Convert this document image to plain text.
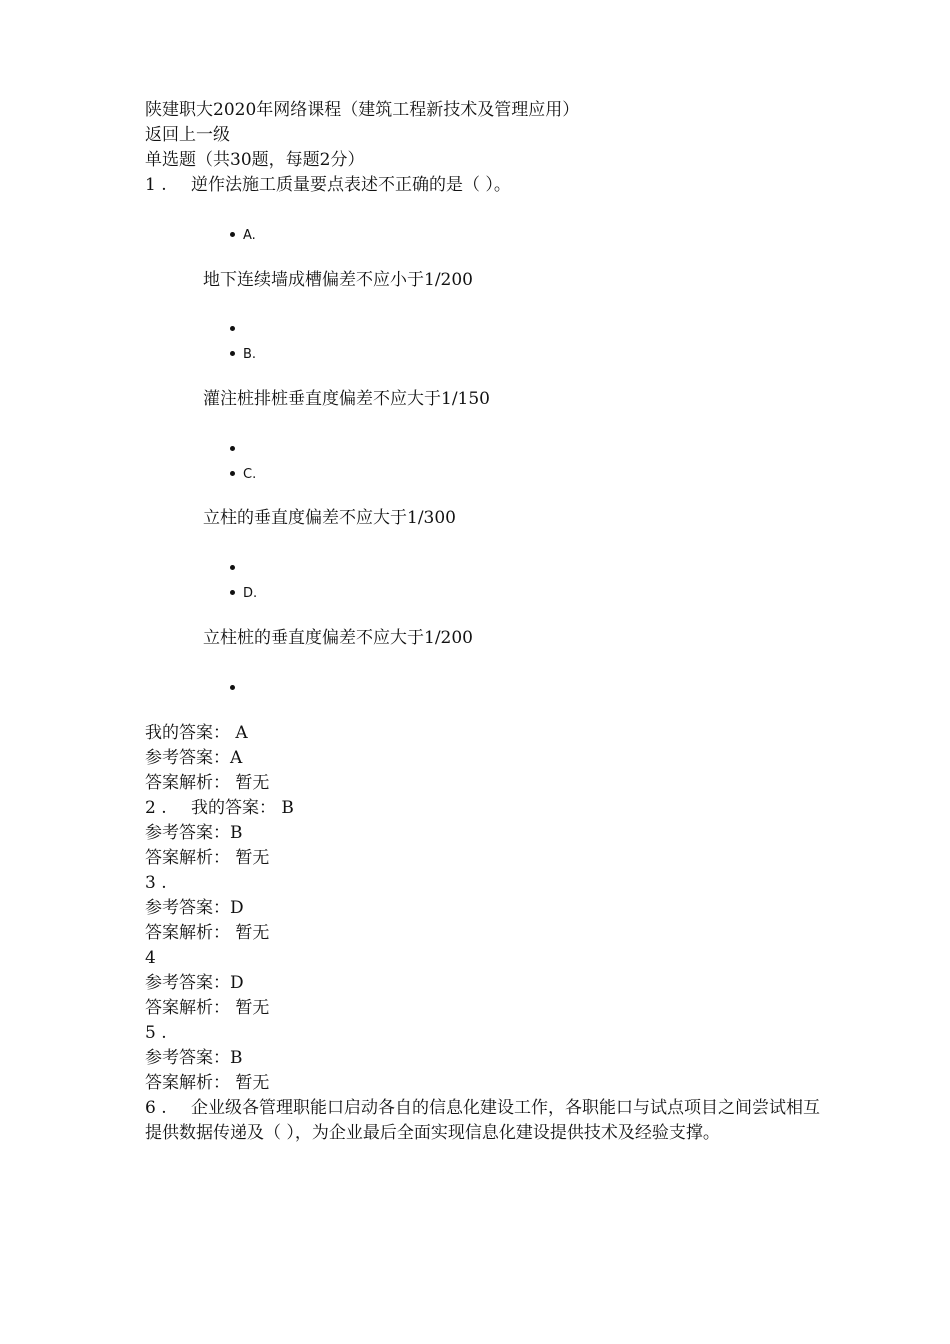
陕建职大2020年网络课程（建筑工程新技术及管理应用）
返回上一级
单选题（共30题，每题2分）
1 . 逆作法施工质量要点表述不正确的是（ ）。
A.
地下连续墙成槽偏差不应小于1/200
B.
灌注桩排桩垂直度偏差不应大于1/150
C.
立柱的垂直度偏差不应大于1/300
D.
立柱桩的垂直度偏差不应大于1/200
我的答案： A
参考答案：A
答案解析： 暂无
2 . 我的答案： B
参考答案：B
答案解析： 暂无
3 .
参考答案：D
答案解析： 暂无
4
参考答案：D
答案解析： 暂无
5 .
参考答案：B
答案解析： 暂无
6 . 企业级各管理职能口启动各自的信息化建设工作，各职能口与试点项目之间尝试相互提供数据传递及（ ），为企业最后全面实现信息化建设提供技术及经验支撑。
